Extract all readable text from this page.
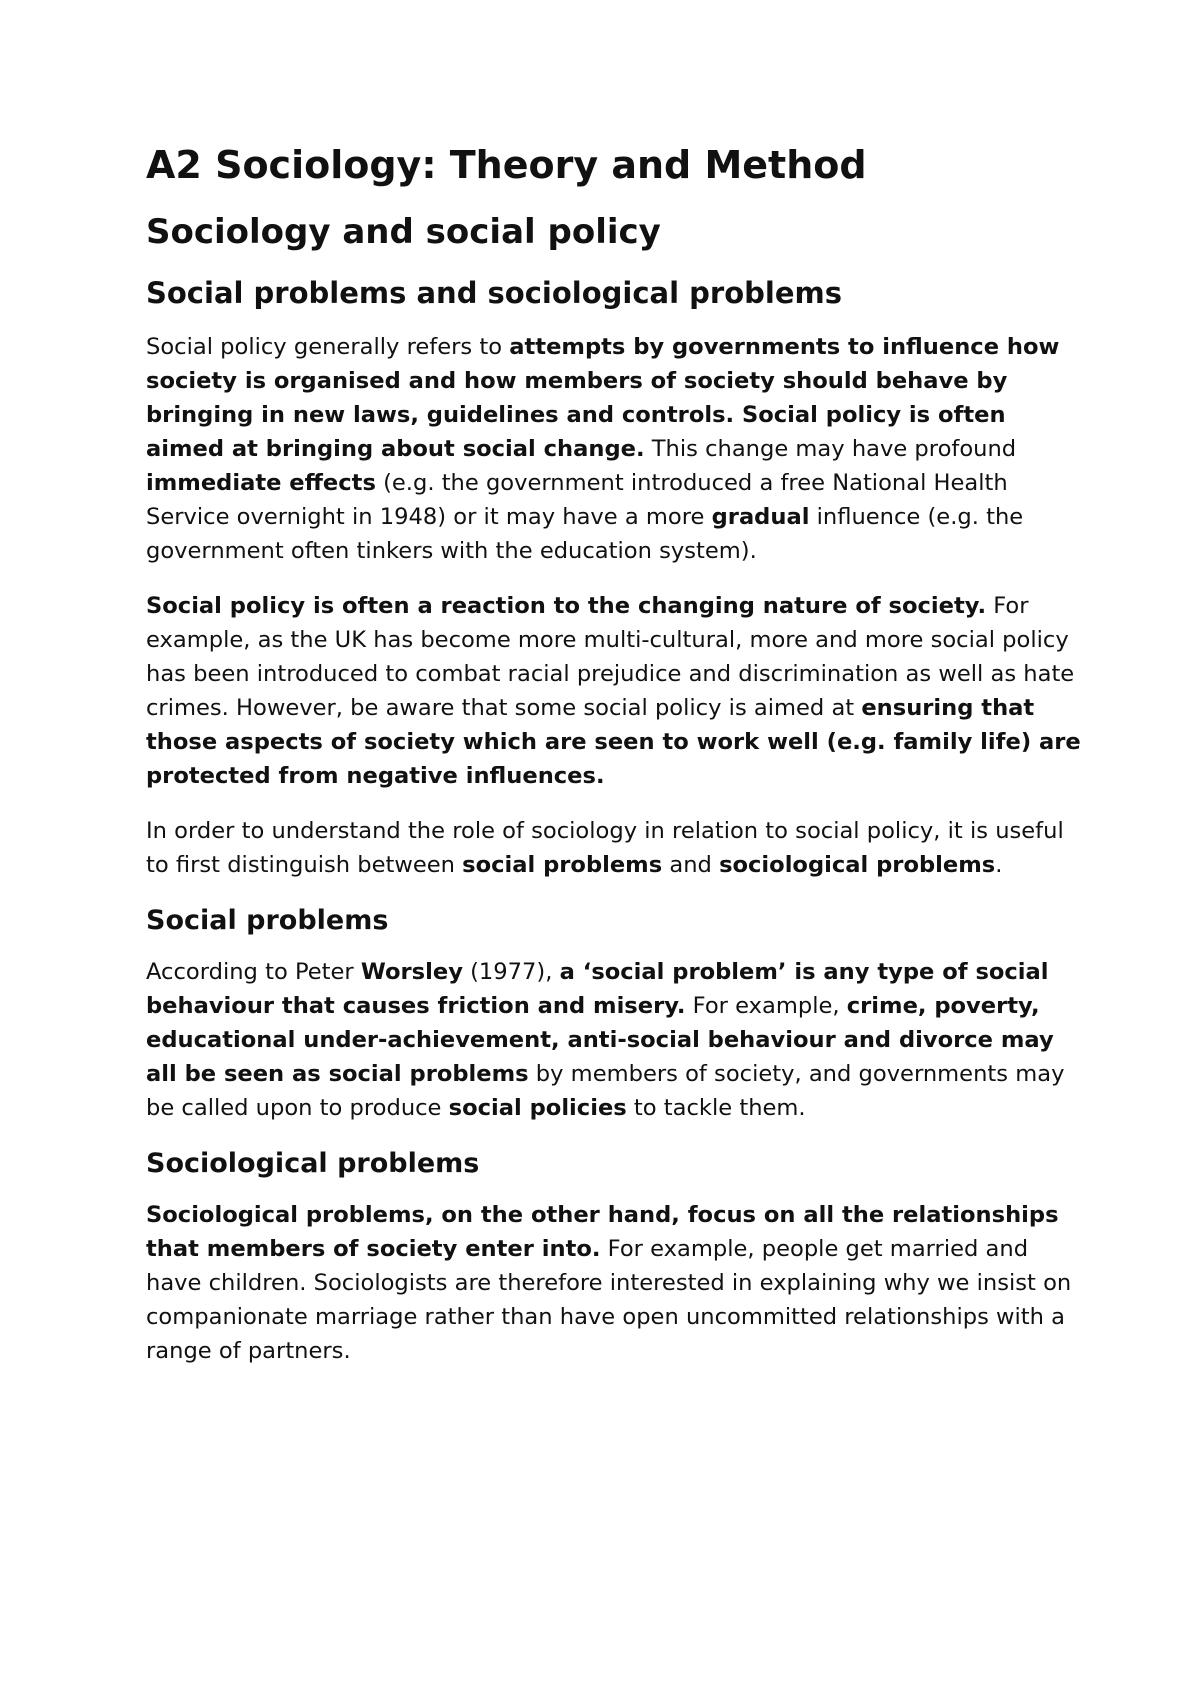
A2 Sociology: Theory and Method
Sociology and social policy
Social problems and sociological problems

Social policy generally refers to attempts by governments to influence how society is organised and how members of society should behave by bringing in new laws, guidelines and controls. Social policy is often aimed at bringing about social change. This change may have profound immediate effects (e.g. the government introduced a free National Health Service overnight in 1948) or it may have a more gradual influence (e.g. the government often tinkers with the education system).

Social policy is often a reaction to the changing nature of society. For example, as the UK has become more multi-cultural, more and more social policy has been introduced to combat racial prejudice and discrimination as well as hate crimes. However, be aware that some social policy is aimed at ensuring that those aspects of society which are seen to work well (e.g. family life) are protected from negative influences.

In order to understand the role of sociology in relation to social policy, it is useful to first distinguish between social problems and sociological problems.

Social problems

According to Peter Worsley (1977), a ‘social problem’ is any type of social behaviour that causes friction and misery. For example, crime, poverty, educational under-achievement, anti-social behaviour and divorce may all be seen as social problems by members of society, and governments may be called upon to produce social policies to tackle them.

Sociological problems

Sociological problems, on the other hand, focus on all the relationships that members of society enter into. For example, people get married and have children. Sociologists are therefore interested in explaining why we insist on companionate marriage rather than have open uncommitted relationships with a range of partners.
